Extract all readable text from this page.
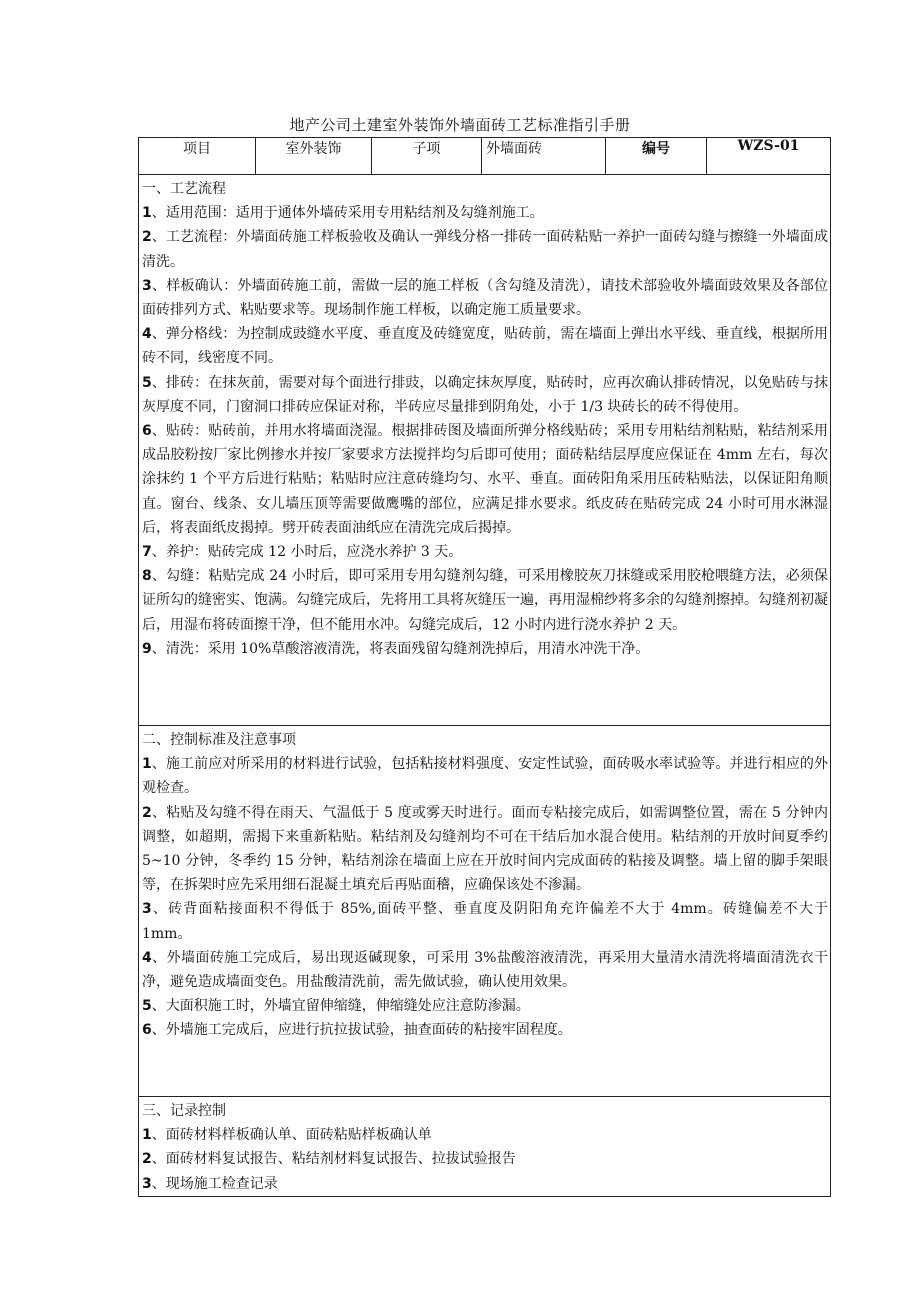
地产公司土建室外装饰外墙面砖工艺标准指引手册
项目	室外装饰	子项	外墙面砖	编号	WZS-01

一、工艺流程
1、适用范围：适用于通体外墙砖采用专用粘结剂及勾缝剂施工。
2、工艺流程：外墙面砖施工样板验收及确认一弹线分格一排砖一面砖粘贴一养护一面砖勾缝与擦缝一外墙面成清洗。
3、样板确认：外墙面砖施工前，需做一层的施工样板（含勾缝及清洗），请技术部验收外墙面豉效果及各部位面砖排列方式、粘贴要求等。现场制作施工样板，以确定施工质量要求。
4、弹分格线：为控制成豉缝水平度、垂直度及砖缝宽度，贴砖前，需在墙面上弹出水平线、垂直线，根据所用砖不同，线密度不同。
5、排砖：在抹灰前，需要对每个面进行排豉，以确定抹灰厚度，贴砖时，应再次确认排砖情况，以免贴砖与抹灰厚度不同，门窗洞口排砖应保证对称，半砖应尽量排到阴角处，小于 1/3 块砖长的砖不得使用。
6、贴砖：贴砖前，并用水将墙面浇湿。根据排砖图及墙面所弹分格线贴砖；采用专用粘结剂粘贴，粘结剂采用成品胶粉按厂家比例掺水并按厂家要求方法搅拌均匀后即可使用；面砖粘结层厚度应保证在 4mm 左右，每次涂抹约 1 个平方后进行粘贴；粘贴时应注意砖缝均匀、水平、垂直。面砖阳角采用压砖粘贴法，以保证阳角顺直。窗台、线条、女儿墙压顶等需要做鹰嘴的部位，应满足排水要求。纸皮砖在贴砖完成 24 小时可用水淋湿后，将表面纸皮揭掉。劈开砖表面油纸应在清洗完成后揭掉。
7、养护：贴砖完成 12 小时后，应浇水养护 3 天。
8、勾缝：粘贴完成 24 小时后，即可采用专用勾缝剂勾缝，可采用橡胶灰刀抹缝或采用胶枪喂缝方法，必须保证所勾的缝密实、饱满。勾缝完成后，先将用工具将灰缝压一遍，再用湿棉纱将多余的勾缝剂擦掉。勾缝剂初凝后，用湿布将砖面擦干净，但不能用水冲。勾缝完成后，12 小时内进行浇水养护 2 天。
9、清洗：采用 10%草酸溶液清洗，将表面残留勾缝剂洗掉后，用清水冲洗干净。

二、控制标准及注意事项
1、施工前应对所采用的材料进行试验，包括粘接材料强度、安定性试验，面砖吸水率试验等。并进行相应的外观检查。
2、粘贴及勾缝不得在雨天、气温低于 5 度或雾天时进行。面而专粘接完成后，如需调整位置，需在 5 分钟内调整，如超期，需揭下来重新粘贴。粘结剂及勾缝剂均不可在干结后加水混合使用。粘结剂的开放时间夏季约 5~10 分钟，冬季约 15 分钟，粘结剂涂在墙面上应在开放时间内完成面砖的粘接及调整。墙上留的脚手架眼等，在拆架时应先采用细石混凝土填充后再贴面稽，应确保该处不渗漏。
3、砖背面粘接面积不得低于 85%,面砖平整、垂直度及阴阳角充许偏差不大于 4mm。砖缝偏差不大于 1mm。
4、外墙面砖施工完成后，易出现返碱现象，可采用 3%盐酸溶液清洗，再采用大量清水清洗将墙面清洗衣干净，避免造成墙面变色。用盐酸清洗前，需先做试验，确认使用效果。
5、大面积施工时，外墙宜留伸缩缝，伸缩缝处应注意防渗漏。
6、外墙施工完成后，应进行抗拉拔试验，抽查面砖的粘接牢固程度。

三、记录控制
1、面砖材料样板确认单、面砖粘贴样板确认单
2、面砖材料复试报告、粘结剂材料复试报告、拉拔试验报告
3、现场施工检查记录
